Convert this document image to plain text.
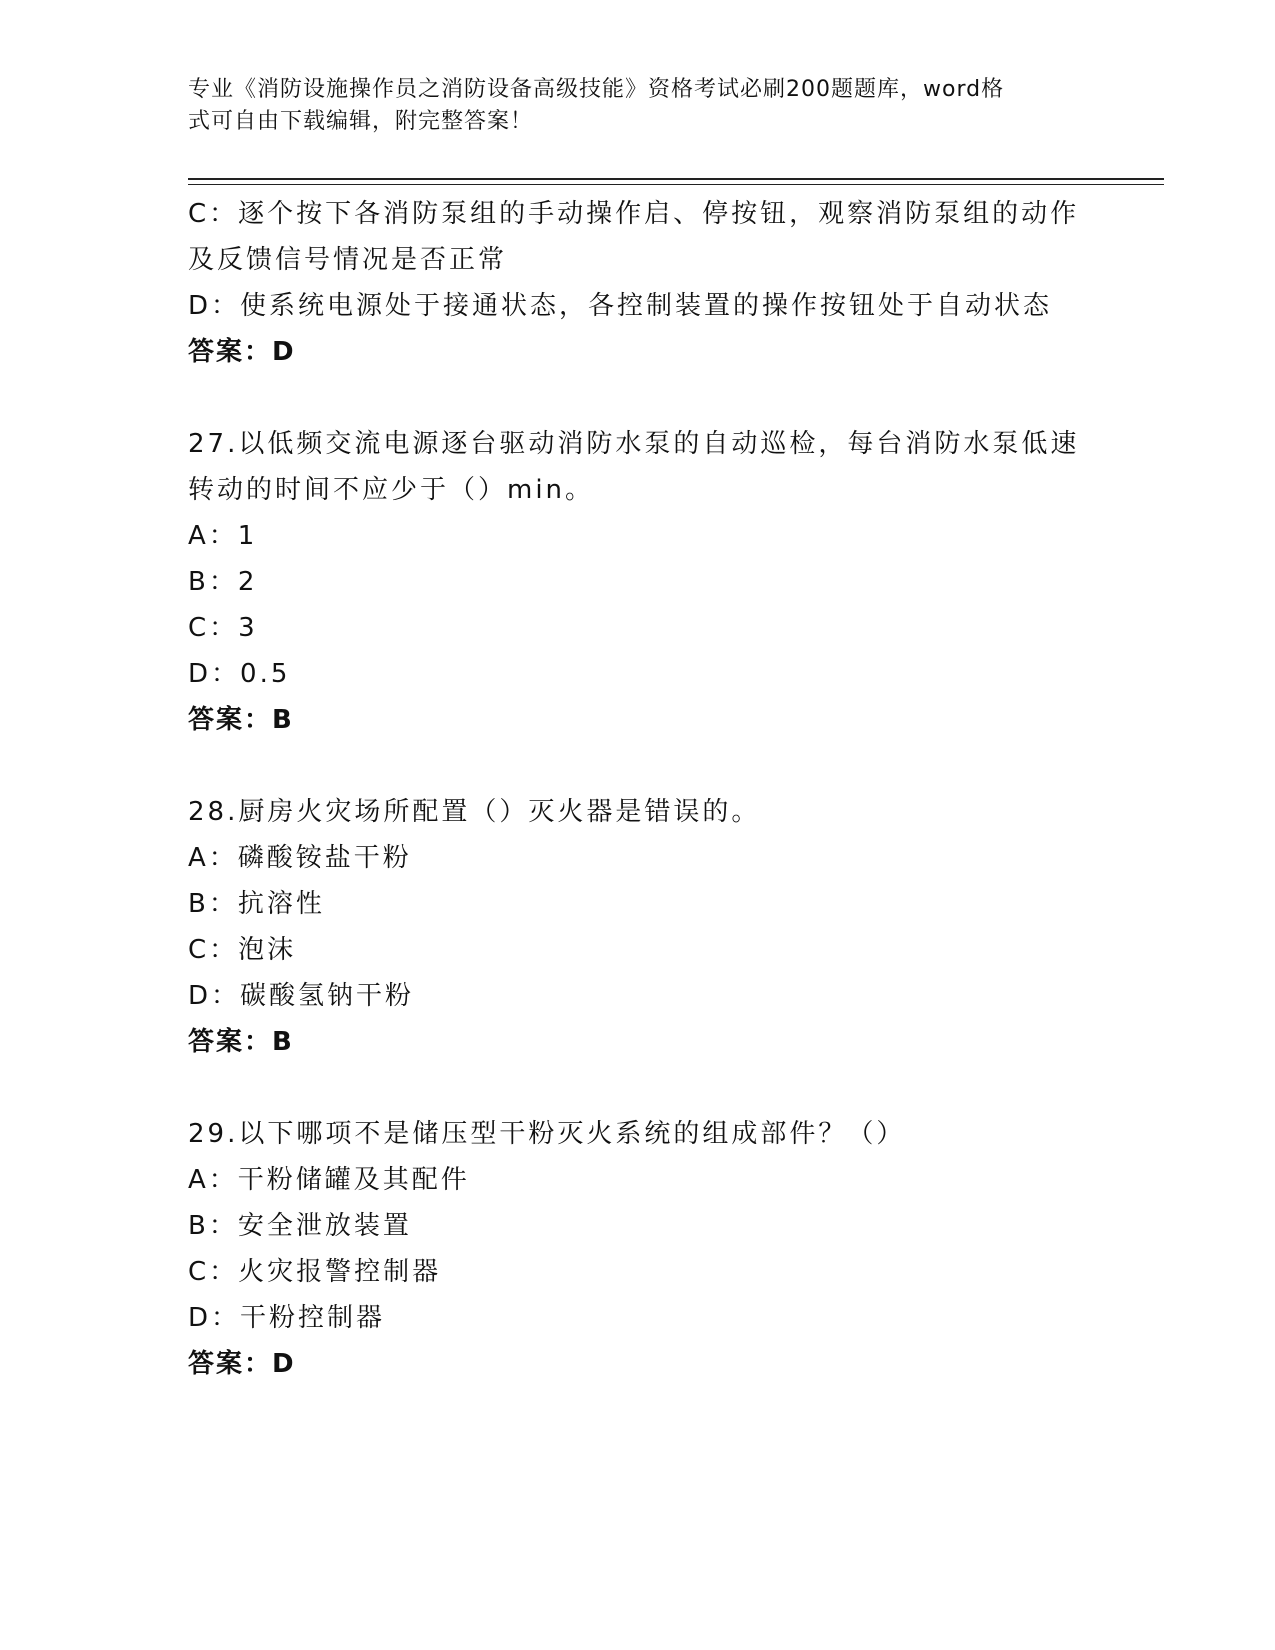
专业《消防设施操作员之消防设备高级技能》资格考试必刷200题题库，word格
式可自由下载编辑，附完整答案！
C：逐个按下各消防泵组的手动操作启、停按钮，观察消防泵组的动作
及反馈信号情况是否正常
D：使系统电源处于接通状态，各控制装置的操作按钮处于自动状态
答案：D
27.以低频交流电源逐台驱动消防水泵的自动巡检，每台消防水泵低速
转动的时间不应少于（）min。
A：1
B：2
C：3
D：0.5
答案：B
28.厨房火灾场所配置（）灭火器是错误的。
A：磷酸铵盐干粉
B：抗溶性
C：泡沫
D：碳酸氢钠干粉
答案：B
29.以下哪项不是储压型干粉灭火系统的组成部件？（）
A：干粉储罐及其配件
B：安全泄放装置
C：火灾报警控制器
D：干粉控制器
答案：D
